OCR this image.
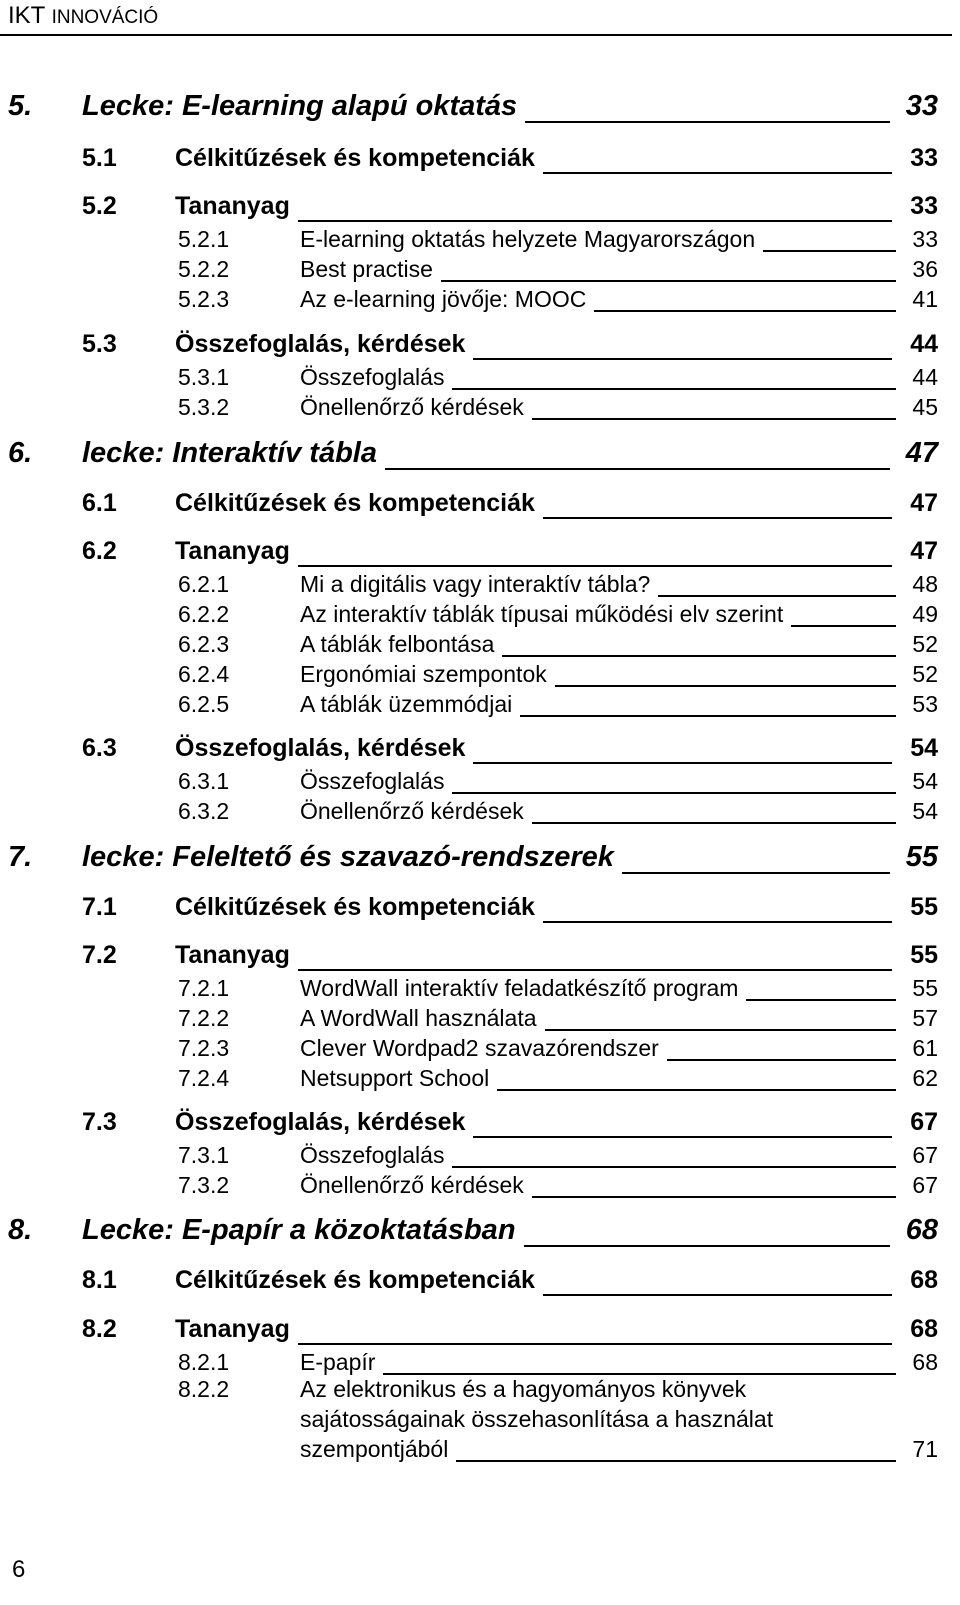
IKT INNOVÁCIÓ
5. Lecke: E-learning alapú oktatás	33
5.1 Célkitűzések és kompetenciák	33
5.2 Tananyag	33
5.2.1	E-learning oktatás helyzete Magyarországon	33
5.2.2	Best practise	36
5.2.3	Az e-learning jövője: MOOC	41
5.3 Összefoglalás, kérdések	44
5.3.1	Összefoglalás	44
5.3.2	Önellenőrző kérdések	45
6. lecke: Interaktív tábla	47
6.1 Célkitűzések és kompetenciák	47
6.2 Tananyag	47
6.2.1	Mi a digitális vagy interaktív tábla?	48
6.2.2	Az interaktív táblák típusai működési elv szerint	49
6.2.3	A táblák felbontása	52
6.2.4	Ergonómiai szempontok	52
6.2.5	A táblák üzemmódjai	53
6.3 Összefoglalás, kérdések	54
6.3.1	Összefoglalás	54
6.3.2	Önellenőrző kérdések	54
7. lecke: Feleltető és szavazó-rendszerek	55
7.1 Célkitűzések és kompetenciák	55
7.2 Tananyag	55
7.2.1	WordWall interaktív feladatkészítő program	55
7.2.2	A WordWall használata	57
7.2.3	Clever Wordpad2 szavazórendszer	61
7.2.4	Netsupport School	62
7.3 Összefoglalás, kérdések	67
7.3.1	Összefoglalás	67
7.3.2	Önellenőrző kérdések	67
8. Lecke: E-papír a közoktatásban	68
8.1 Célkitűzések és kompetenciák	68
8.2 Tananyag	68
8.2.1	E-papír	68
8.2.2	Az elektronikus és a hagyományos könyvek
sajátosságainak összehasonlítása a használat
szempontjából	71
6
